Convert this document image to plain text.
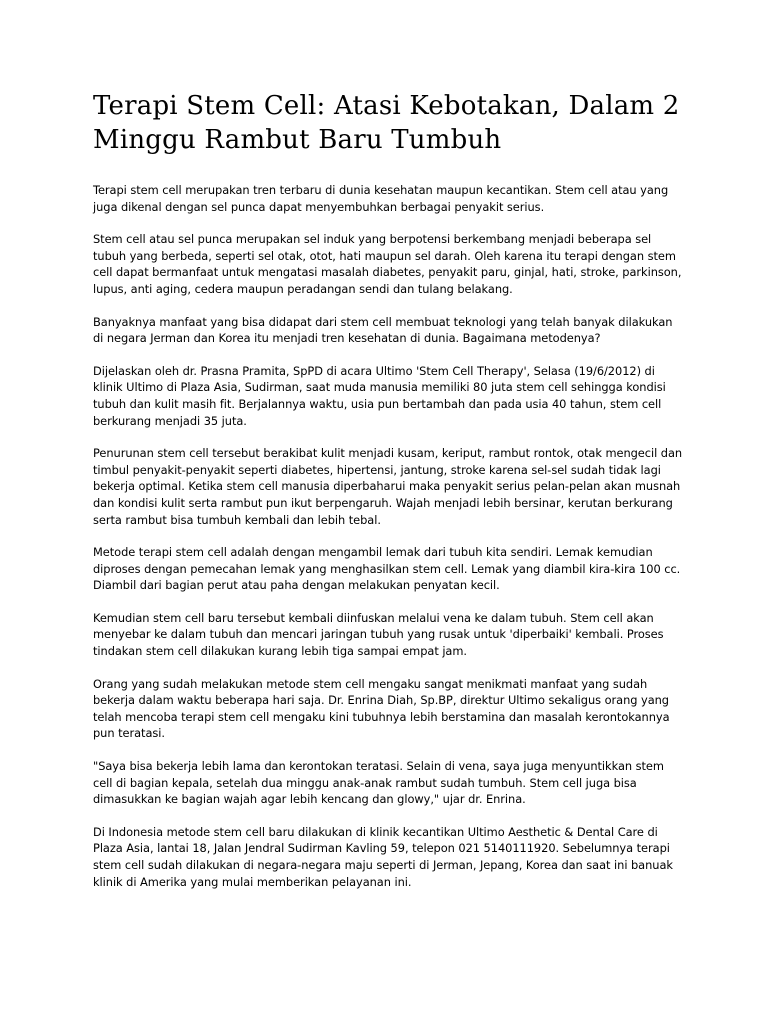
Terapi Stem Cell: Atasi Kebotakan, Dalam 2 Minggu Rambut Baru Tumbuh

Terapi stem cell merupakan tren terbaru di dunia kesehatan maupun kecantikan. Stem cell atau yang juga dikenal dengan sel punca dapat menyembuhkan berbagai penyakit serius.

Stem cell atau sel punca merupakan sel induk yang berpotensi berkembang menjadi beberapa sel tubuh yang berbeda, seperti sel otak, otot, hati maupun sel darah. Oleh karena itu terapi dengan stem cell dapat bermanfaat untuk mengatasi masalah diabetes, penyakit paru, ginjal, hati, stroke, parkinson, lupus, anti aging, cedera maupun peradangan sendi dan tulang belakang.

Banyaknya manfaat yang bisa didapat dari stem cell membuat teknologi yang telah banyak dilakukan di negara Jerman dan Korea itu menjadi tren kesehatan di dunia. Bagaimana metodenya?

Dijelaskan oleh dr. Prasna Pramita, SpPD di acara Ultimo 'Stem Cell Therapy', Selasa (19/6/2012) di klinik Ultimo di Plaza Asia, Sudirman, saat muda manusia memiliki 80 juta stem cell sehingga kondisi tubuh dan kulit masih fit. Berjalannya waktu, usia pun bertambah dan pada usia 40 tahun, stem cell berkurang menjadi 35 juta.

Penurunan stem cell tersebut berakibat kulit menjadi kusam, keriput, rambut rontok, otak mengecil dan timbul penyakit-penyakit seperti diabetes, hipertensi, jantung, stroke karena sel-sel sudah tidak lagi bekerja optimal. Ketika stem cell manusia diperbaharui maka penyakit serius pelan-pelan akan musnah dan kondisi kulit serta rambut pun ikut berpengaruh. Wajah menjadi lebih bersinar, kerutan berkurang serta rambut bisa tumbuh kembali dan lebih tebal.

Metode terapi stem cell adalah dengan mengambil lemak dari tubuh kita sendiri. Lemak kemudian diproses dengan pemecahan lemak yang menghasilkan stem cell. Lemak yang diambil kira-kira 100 cc. Diambil dari bagian perut atau paha dengan melakukan penyatan kecil.

Kemudian stem cell baru tersebut kembali diinfuskan melalui vena ke dalam tubuh. Stem cell akan menyebar ke dalam tubuh dan mencari jaringan tubuh yang rusak untuk 'diperbaiki' kembali. Proses tindakan stem cell dilakukan kurang lebih tiga sampai empat jam.

Orang yang sudah melakukan metode stem cell mengaku sangat menikmati manfaat yang sudah bekerja dalam waktu beberapa hari saja. Dr. Enrina Diah, Sp.BP, direktur Ultimo sekaligus orang yang telah mencoba terapi stem cell mengaku kini tubuhnya lebih berstamina dan masalah kerontokannya pun teratasi.

"Saya bisa bekerja lebih lama dan kerontokan teratasi. Selain di vena, saya juga menyuntikkan stem cell di bagian kepala, setelah dua minggu anak-anak rambut sudah tumbuh. Stem cell juga bisa dimasukkan ke bagian wajah agar lebih kencang dan glowy," ujar dr. Enrina.

Di Indonesia metode stem cell baru dilakukan di klinik kecantikan Ultimo Aesthetic & Dental Care di Plaza Asia, lantai 18, Jalan Jendral Sudirman Kavling 59, telepon 021 5140111920. Sebelumnya terapi stem cell sudah dilakukan di negara-negara maju seperti di Jerman, Jepang, Korea dan saat ini banuak klinik di Amerika yang mulai memberikan pelayanan ini.
